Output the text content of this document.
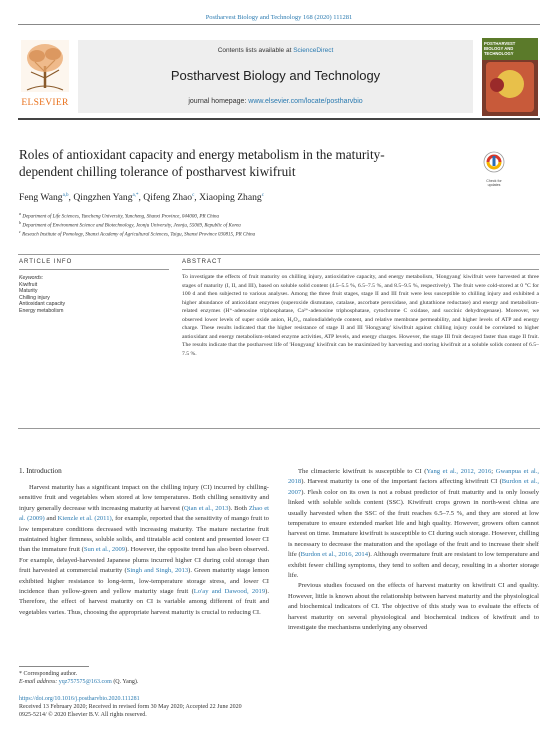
Postharvest Biology and Technology 168 (2020) 111281
ELSEVIER
Contents lists available at ScienceDirect
Postharvest Biology and Technology
journal homepage: www.elsevier.com/locate/postharvbio
POSTHARVEST
BIOLOGY AND
TECHNOLOGY
Roles of antioxidant capacity and energy metabolism in the maturity-
dependent chilling tolerance of postharvest kiwifruit
Check for updates
Feng Wang$^{a,b}$, Qingzhen Yang$^{a,*}$, Qifeng Zhao$^c$, Xiaoping Zhang$^c$
$^a$ Department of Life Sciences, Yuncheng University, Yuncheng, Shanxi Province, 044000, PR China
$^b$ Department of Environment Science and Biotechnology, Jeonju University, Jeonju, 55069, Republic of Korea
$^c$ Reseach Institute of Pomology, Shanxi Academy of Agricultural Sciences, Taigu, Shanxi Province 030815, PR China
ARTICLE INFO
Keywords:
Kiwifruit
Maturity
Chilling injury
Antioxidant capacity
Energy metabolism
ABSTRACT
To investigate the effects of fruit maturity on chilling injury, antioxidative capacity, and energy metabolism, 'Hongyang' kiwifruit were harvested at three stages of maturity (I, II, and III), based on soluble solid content (4.5–5.5 %, 6.5–7.5 %, and 8.5–9.5 %, respectively). The fruit were cold-stored at 0 °C for 100 d and then subjected to various analyses. Among the three fruit stages, stage II and III fruit were less susceptible to chilling injury and exhibited a higher abundance of antioxidant enzymes (superoxide dismutase, catalase, ascorbate peroxidase, and glutathione reductase) and energy and metabolism-related enzymes (H⁺-adenosine triphosphatase, Ca²⁺-adenosine triphosphatase, cytochrome C oxidase, and succinic dehydrogenase). Moreover, we observed lower levels of super oxide anion, H₂O₂, malondialdehyde content, and relative membrane permeability, and higher levels of ATP and energy charge. These results indicated that the higher resistance of stage II and III 'Hongyang' kiwifruit against chilling injury could be correlated to higher antioxidant and energy metabolism-related enzyme activities, ATP levels, and energy charges. However, the stage III fruit decayed faster than stage II fruit. The results indicate that the postharvest life of 'Hongyang' kiwifruit can be maximized by harvesting and storing kiwifruit at a soluble solids content of 6.5–7.5 %.
1. Introduction

Harvest maturity has a significant impact on the chilling injury (CI) incurred by chilling-sensitive fruit and vegetables when stored at low temperatures. Both chilling sensitivity and injury generally decrease with increasing maturity at harvest (Qian et al., 2013). Both Zhao et al. (2009) and Kienzle et al. (2011), for example, reported that the sensitivity of mango fruit to low temperature conditions decreased with increasing maturity. The mature nectarine fruit maintained higher firmness, soluble solids, and titratable acid content and presented lower CI than the immature fruit (Sun et al., 2009). However, the opposite trend has also been observed. For example, delayed-harvested Japanese plums incurred higher CI during cold storage than fruit harvested at commercial maturity (Singh and Singh, 2013). Green maturity stage lemon exhibited higher resistance to long-term, low-temperature storage stress, and lower CI incidence than yellow-green and yellow maturity stage fruit (Lo'ay and Dawood, 2019). Therefore, the effect of harvest maturity on CI is variable among different of fruit and vegetables varies. Thus, choosing the appropriate harvest maturity is crucial to reducing CI.

The climacteric kiwifruit is susceptible to CI (Yang et al., 2012, 2016; Gwanpua et al., 2018). Harvest maturity is one of the important factors affecting kiwifruit CI (Burdon et al., 2007). Flesh color on its own is not a robust predictor of fruit maturity and is only loosely linked with soluble solids content (SSC). Kiwifruit crops grown in north-west china are usually harvested when the SSC of the fruit reaches 6.5–7.5 %, and they are stored at low temperature to ensure extended market life and high quality. However, growers often cannot harvest on time. Immature kiwifruit is susceptible to CI during such storage. However, chilling is necessary to decrease the maturation and the spoilage of the fruit and to increase their shelf life (Burdon et al., 2016, 2014). Although overmature fruit are resistant to low temperature and exhibit fewer chilling symptoms, they tend to soften and decay, resulting in a shorter storage life.

Previous studies focused on the effects of harvest maturity on kiwifruit CI and quality. However, little is known about the relationship between harvest maturity and the physiological and biochemical indicators of CI. The objective of this study was to evaluate the effects of harvest maturity on several physiological and biochemical indices of kiwifruit and to investigate the mechanisms underlying any observed

* Corresponding author.
E-mail address: yqz757575@163.com (Q. Yang).
https://doi.org/10.1016/j.postharvbio.2020.111281
Received 13 February 2020; Received in revised form 30 May 2020; Accepted 22 June 2020
0925-5214/ © 2020 Elsevier B.V. All rights reserved.
